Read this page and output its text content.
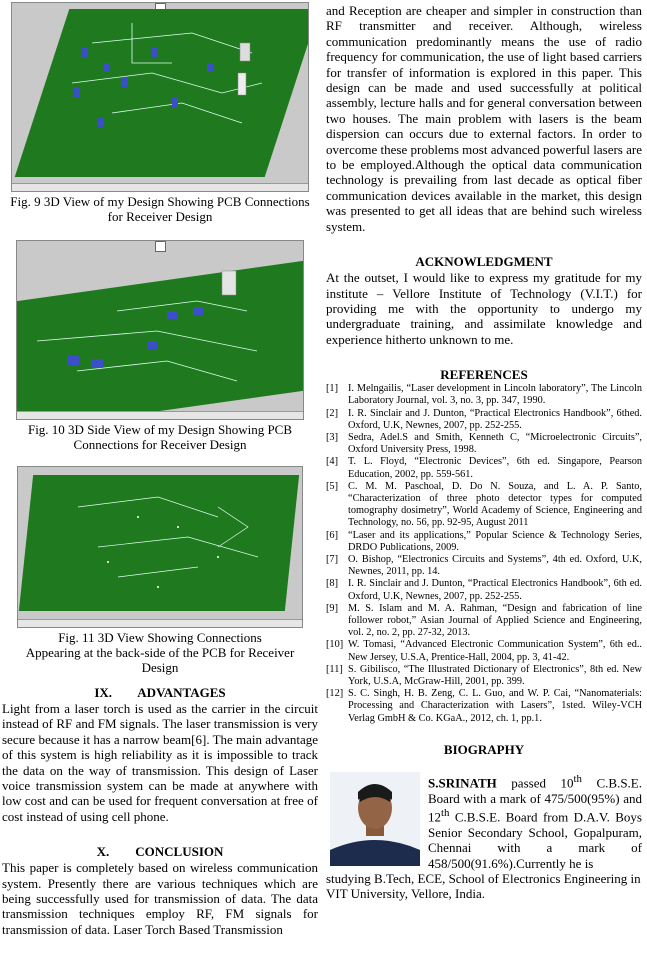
Fig. 9 3D View of my Design Showing PCB Connections
for Receiver Design
Fig. 10 3D Side View of my Design Showing PCB
Connections for Receiver Design
Fig. 11 3D View Showing Connections
Appearing at the back-side of the PCB for Receiver
Design

IX.        ADVANTAGES

Light from a laser torch is used as the carrier in the circuit instead of RF and FM signals. The laser transmission is very secure because it has a narrow beam[6]. The main advantage of this system is high reliability as it is impossible to track the data on the way of transmission. This design of Laser voice transmission system can be made at anywhere with low cost and can be used for frequent conversation at free of cost instead of using cell phone.

X.        CONCLUSION

This paper is completely based on wireless communication system. Presently there are various techniques which are being successfully used for transmission of data. The data transmission techniques employ RF, FM signals for transmission of data. Laser Torch Based Transmission

and Reception are cheaper and simpler in construction than RF transmitter and receiver. Although, wireless communication predominantly means the use of radio frequency for communication, the use of light based carriers for transfer of information is explored in this paper. This design can be made and used successfully at political assembly, lecture halls and for general conversation between two houses. The main problem with lasers is the beam dispersion can occurs due to external factors. In order to overcome these problems most advanced powerful lasers are to be employed.Although the optical data communication technology is prevailing from last decade as optical fiber communication devices available in the market, this design was presented to get all ideas that are behind such wireless system.

ACKNOWLEDGMENT

At the outset, I would like to express my gratitude for my institute – Vellore Institute of Technology (V.I.T.) for providing me with the opportunity to undergo my undergraduate training, and assimilate knowledge and experience hitherto unknown to me.

REFERENCES

[1] I. Melngailis, “Laser development in Lincoln laboratory”, The Lincoln Laboratory Journal, vol. 3, no. 3, pp. 347, 1990.
[2] I. R. Sinclair and J. Dunton, “Practical Electronics Handbook”, 6thed. Oxford, U.K, Newnes, 2007, pp. 252-255.
[3] Sedra, Adel.S and Smith, Kenneth C, “Microelectronic Circuits”, Oxford University Press, 1998.
[4] T. L. Floyd, “Electronic Devices”, 6th ed. Singapore, Pearson Education, 2002, pp. 559-561.
[5] C. M. M. Paschoal, D. Do N. Souza, and L. A. P. Santo, “Characterization of three photo detector types for computed tomography dosimetry”, World Academy of Science, Engineering and Technology, no. 56, pp. 92-95, August 2011
[6] “Laser and its applications,” Popular Science & Technology Series, DRDO Publications, 2009.
[7] O. Bishop, “Electronics Circuits and Systems”, 4th ed. Oxford, U.K, Newnes, 2011, pp. 14.
[8] I. R. Sinclair and J. Dunton, “Practical Electronics Handbook”, 6th ed. Oxford, U.K, Newnes, 2007, pp. 252-255.
[9] M. S. Islam and M. A. Rahman, “Design and fabrication of line follower robot,” Asian Journal of Applied Science and Engineering, vol. 2, no. 2, pp. 27-32, 2013.
[10] W. Tomasi, “Advanced Electronic Communication System”, 6th ed.. New Jersey, U.S.A, Prentice-Hall, 2004, pp. 3, 41-42.
[11] S. Gibilisco, “The Illustrated Dictionary of Electronics”, 8th ed. New York, U.S.A, McGraw-Hill, 2001, pp. 399.
[12] S. C. Singh, H. B. Zeng, C. L. Guo, and W. P. Cai, “Nanomaterials: Processing and Characterization with Lasers”, 1sted. Wiley-VCH Verlag GmbH & Co. KGaA., 2012, ch. 1, pp.1.

BIOGRAPHY

S.SRINATH passed 10th C.B.S.E. Board with a mark of 475/500(95%) and 12th C.B.S.E. Board from D.A.V. Boys Senior Secondary School, Gopalpuram, Chennai with a mark of 458/500(91.6%).Currently he is

studying B.Tech, ECE, School of Electronics Engineering in VIT University, Vellore, India.
